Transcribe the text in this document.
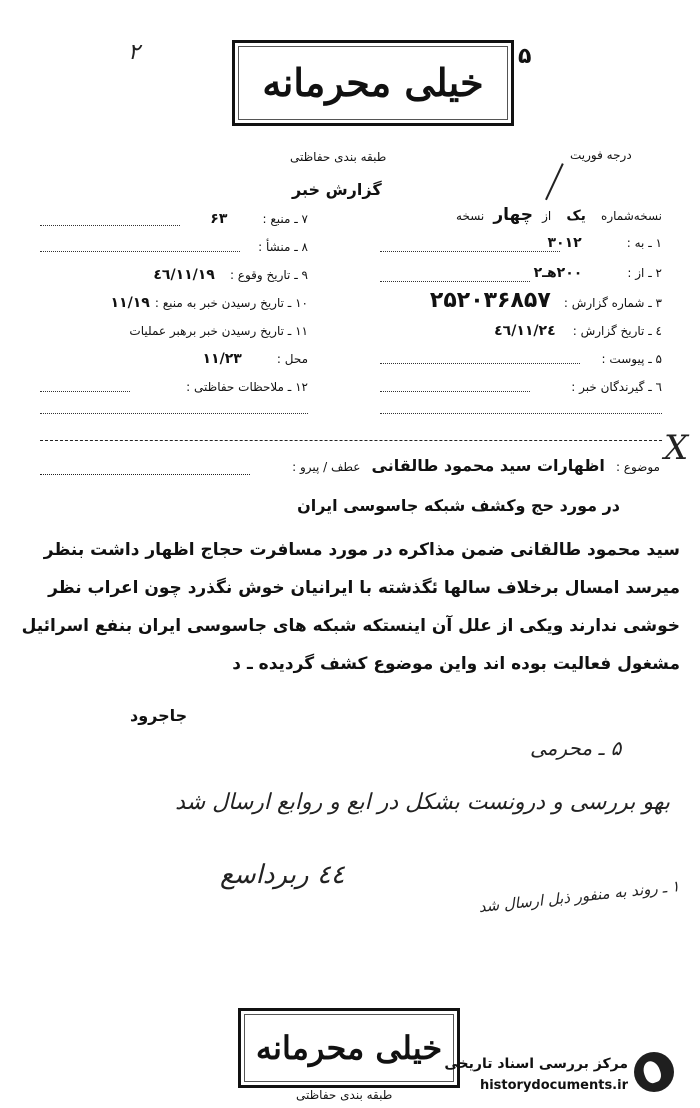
۲	۵
خیلی محرمانه
طبقه بندی حفاظتی	درجه فوریت
گزارش خبر
نسخه‌شماره یک از چهار نسخه
۱ ـ به : ۳۰۱۲
۲ ـ از : ۲۰۰هـ۲
۳ ـ شماره گزارش : ۲۵۲۰۳۶۸۵۷
٤ ـ تاریخ گزارش : ٤٦/١١/٢٤
۵ ـ پیوست :
٦ ـ گیرندگان خبر :
۷ ـ منبع : ۶۳
۸ ـ منشأ :
۹ ـ تاریخ وقوع : ٤٦/١١/١٩
۱۰ ـ تاریخ رسیدن خبر به منبع : ١١/١٩
۱۱ ـ تاریخ رسیدن خبر برهبر عملیات
محل : ١١/٢٣
۱۲ ـ ملاحظات حفاظتی :
X
موضوع : اظهارات سید محمود طالقانی عطف / پیرو :
در مورد حج وکشف شبکه جاسوسی ایران
سید محمود طالقانی ضمن مذاکره در مورد مسافرت حجاج اظهار داشت بنظر
میرسد امسال برخلاف سالها ئگذشته با ایرانیان خوش نگذرد چون اعراب نظر
خوشی ندارند ویکی از علل آن اینستکه شبکه های جاسوسی ایران بنفع اسرائیل
مشغول فعالیت بوده اند واین موضوع کشف گردیده ـ د
جاجرود
۵ ـ محرمی
بهو بررسی و درونست بشکل در ابع و روابع ارسال شد
٤٤ ربرداسع
۱ ـ روند به منفور ذبل ارسال شد
خیلی محرمانه
طبقه بندی حفاظتی
مرکز بررسی اسناد تاریخی
historydocuments.ir
